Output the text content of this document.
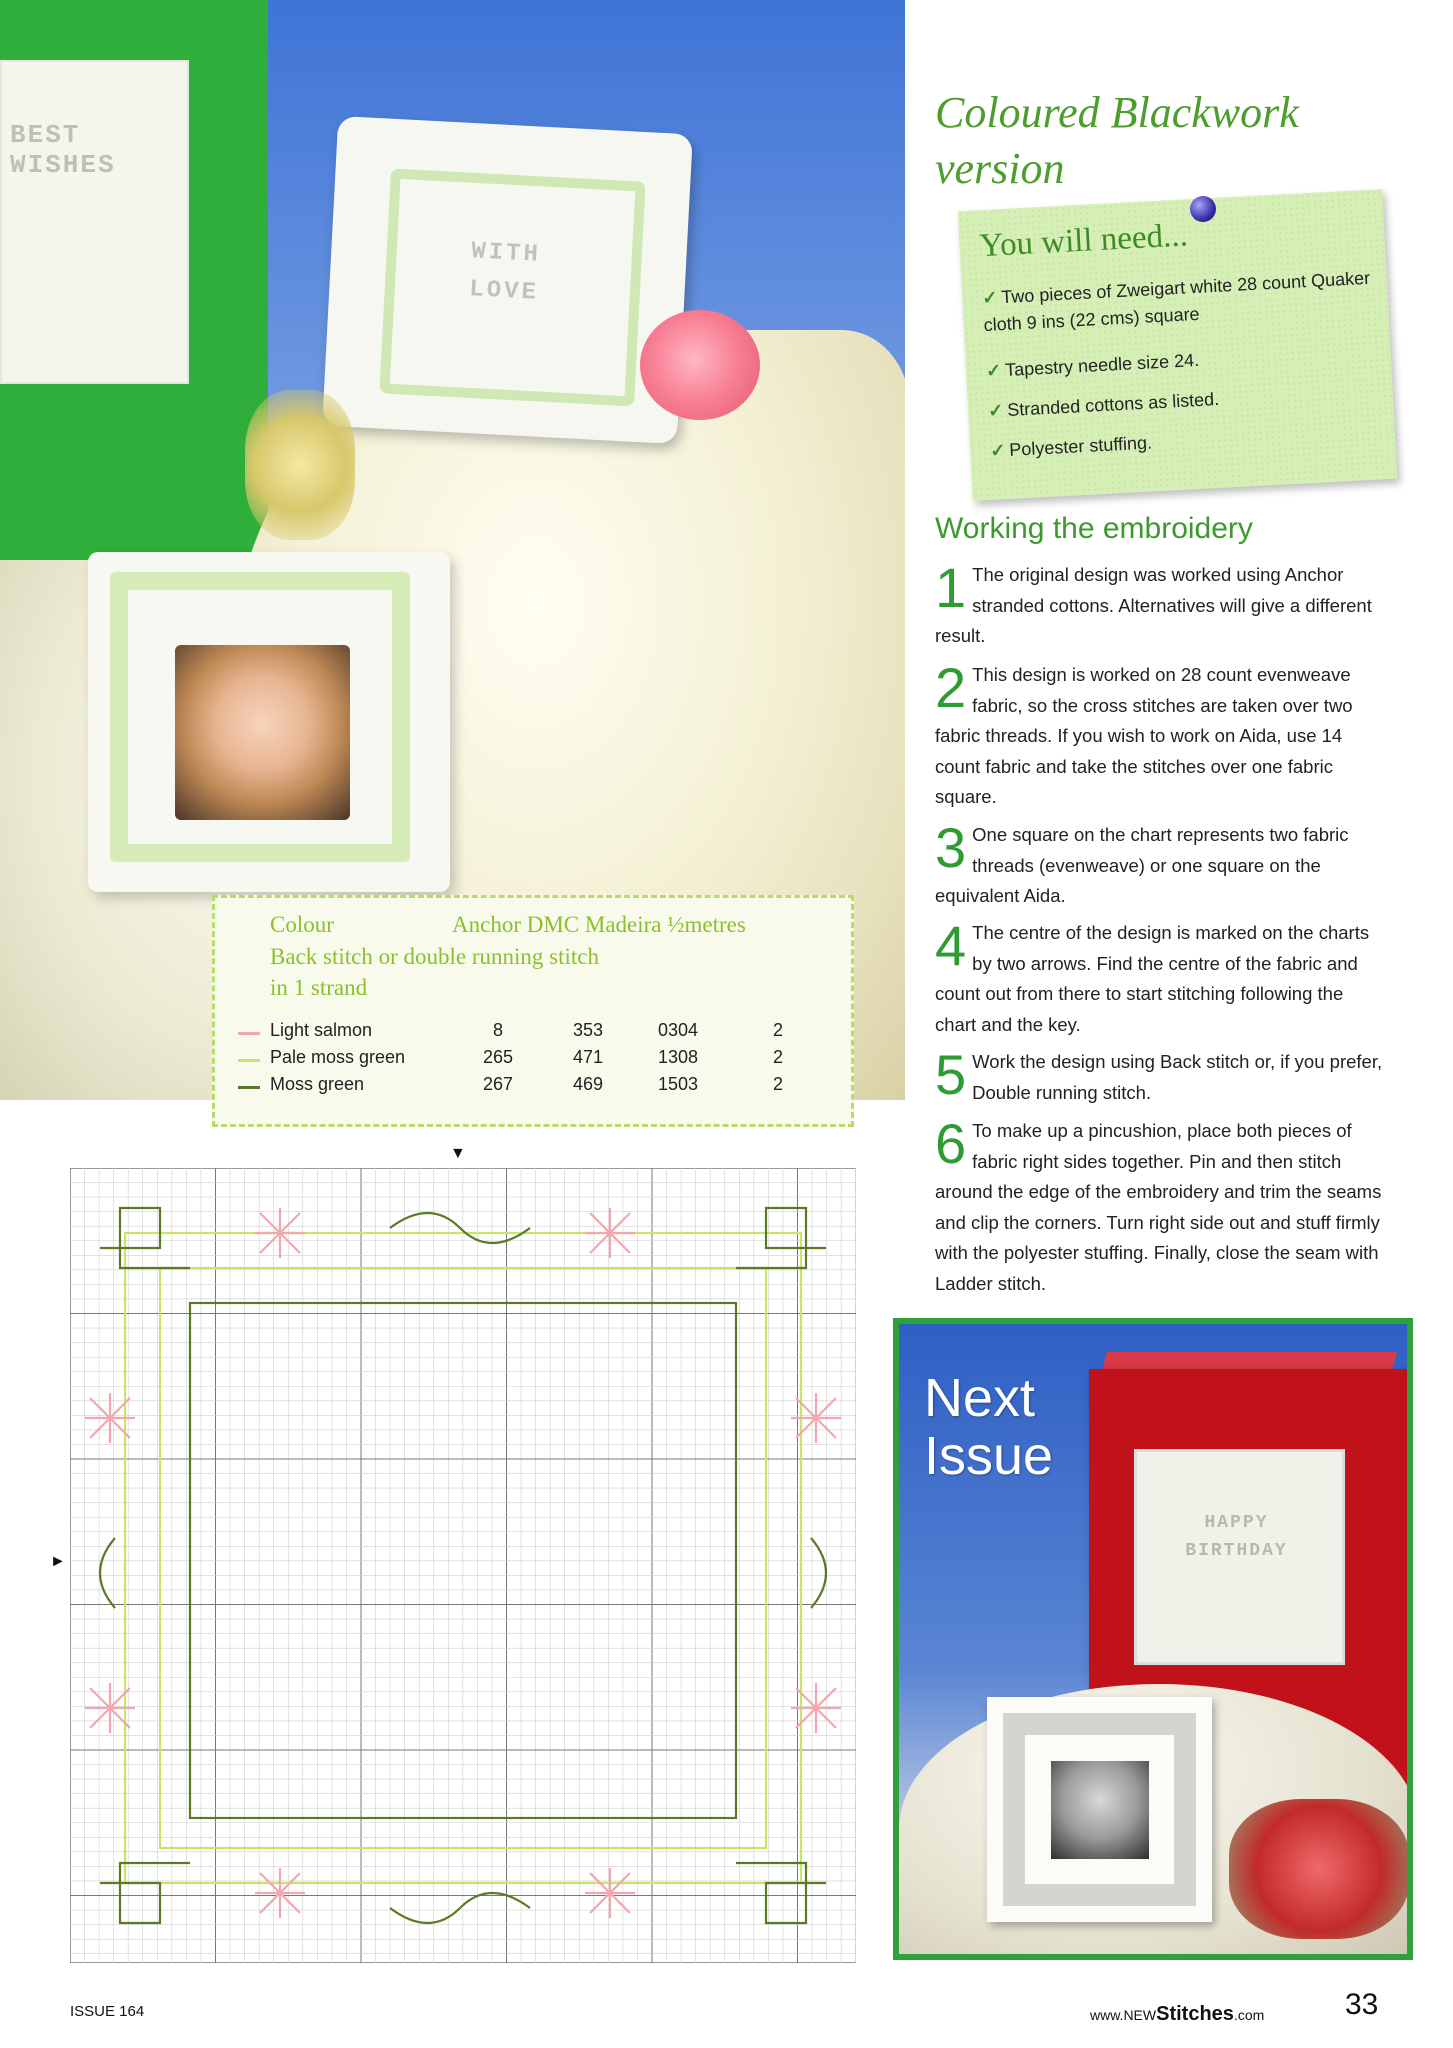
BEST WISHES
WITH
LOVE
Colour	Anchor DMC Madeira ½metres
Back stitch or double running stitch
in 1 strand
Light salmon	8	353	0304	2
Pale moss green	265	471	1308	2
Moss green	267	469	1503	2
▼
►
Coloured Blackwork
version
You will need...
✓ Two pieces of Zweigart white 28 count Quaker cloth 9 ins (22 cms) square
✓ Tapestry needle size 24.
✓ Stranded cottons as listed.
✓ Polyester stuffing.
Working the embroidery
1 The original design was worked using Anchor stranded cottons. Alternatives will give a different result.
2 This design is worked on 28 count evenweave fabric, so the cross stitches are taken over two fabric threads. If you wish to work on Aida, use 14 count fabric and take the stitches over one fabric square.
3 One square on the chart represents two fabric threads (evenweave) or one square on the equivalent Aida.
4 The centre of the design is marked on the charts by two arrows. Find the centre of the fabric and count out from there to start stitching following the chart and the key.
5 Work the design using Back stitch or, if you prefer, Double running stitch.
6 To make up a pincushion, place both pieces of fabric right sides together. Pin and then stitch around the edge of the embroidery and trim the seams and clip the corners. Turn right side out and stuff firmly with the polyester stuffing. Finally, close the seam with Ladder stitch.
HAPPY
BIRTHDAY
Next
Issue
ISSUE 164	www.NEWStitches.com	33
